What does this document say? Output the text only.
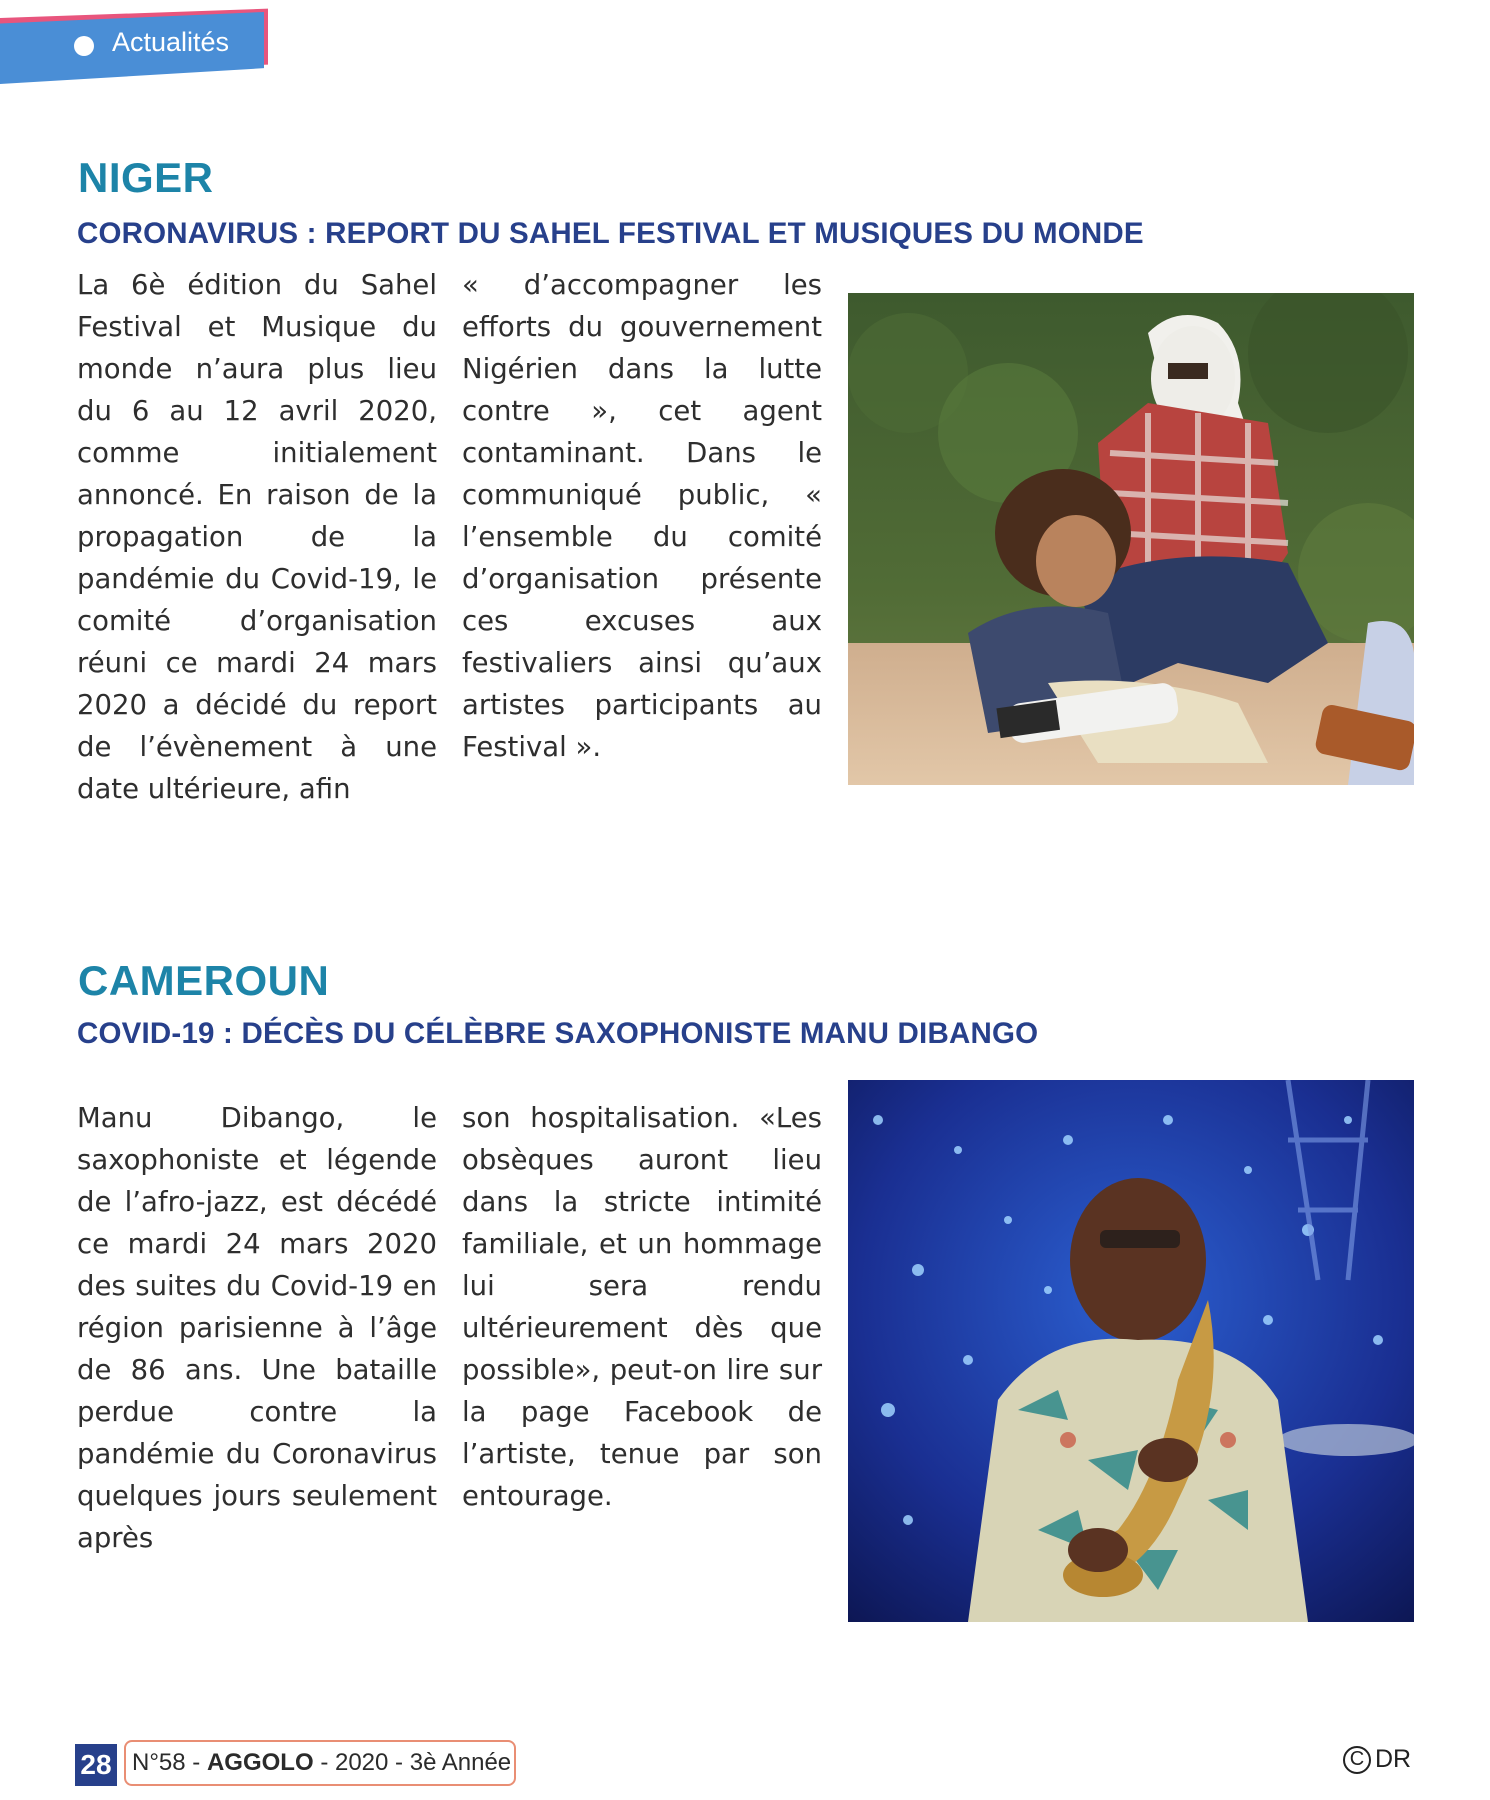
Actualités
NIGER
CORONAVIRUS : REPORT DU SAHEL FESTIVAL ET MUSIQUES DU MONDE
La 6è édition du Sahel Festival et Musique du monde n’aura plus lieu du 6 au 12 avril 2020, comme initialement annoncé. En raison de la propagation de la pandémie du Covid-19, le comité d’organisation réuni ce mardi 24 mars 2020 a décidé du report de l’évènement à une date ultérieure, afin
« d’accompagner les efforts du gouvernement Nigérien dans la lutte contre », cet agent contaminant. Dans le communiqué public, « l’ensemble du comité d’organisation présente ces excuses aux festivaliers ainsi qu’aux artistes participants au Festival ».
CAMEROUN
COVID-19 : DÉCÈS DU CÉLÈBRE SAXOPHONISTE MANU DIBANGO
Manu Dibango, le saxophoniste et légende de l’afro-jazz, est décédé ce mardi 24 mars 2020 des suites du Covid-19 en région parisienne à l’âge de 86 ans. Une bataille perdue contre la pandémie du Coronavirus quelques jours seulement après
son hospitalisation. «Les obsèques auront lieu dans la stricte intimité familiale, et un hommage lui sera rendu ultérieurement dès que possible», peut-on lire sur la page Facebook de l’artiste, tenue par son entourage.
28 N°58
-
AGGOLO
-
2020
-
3è Année	C DR
